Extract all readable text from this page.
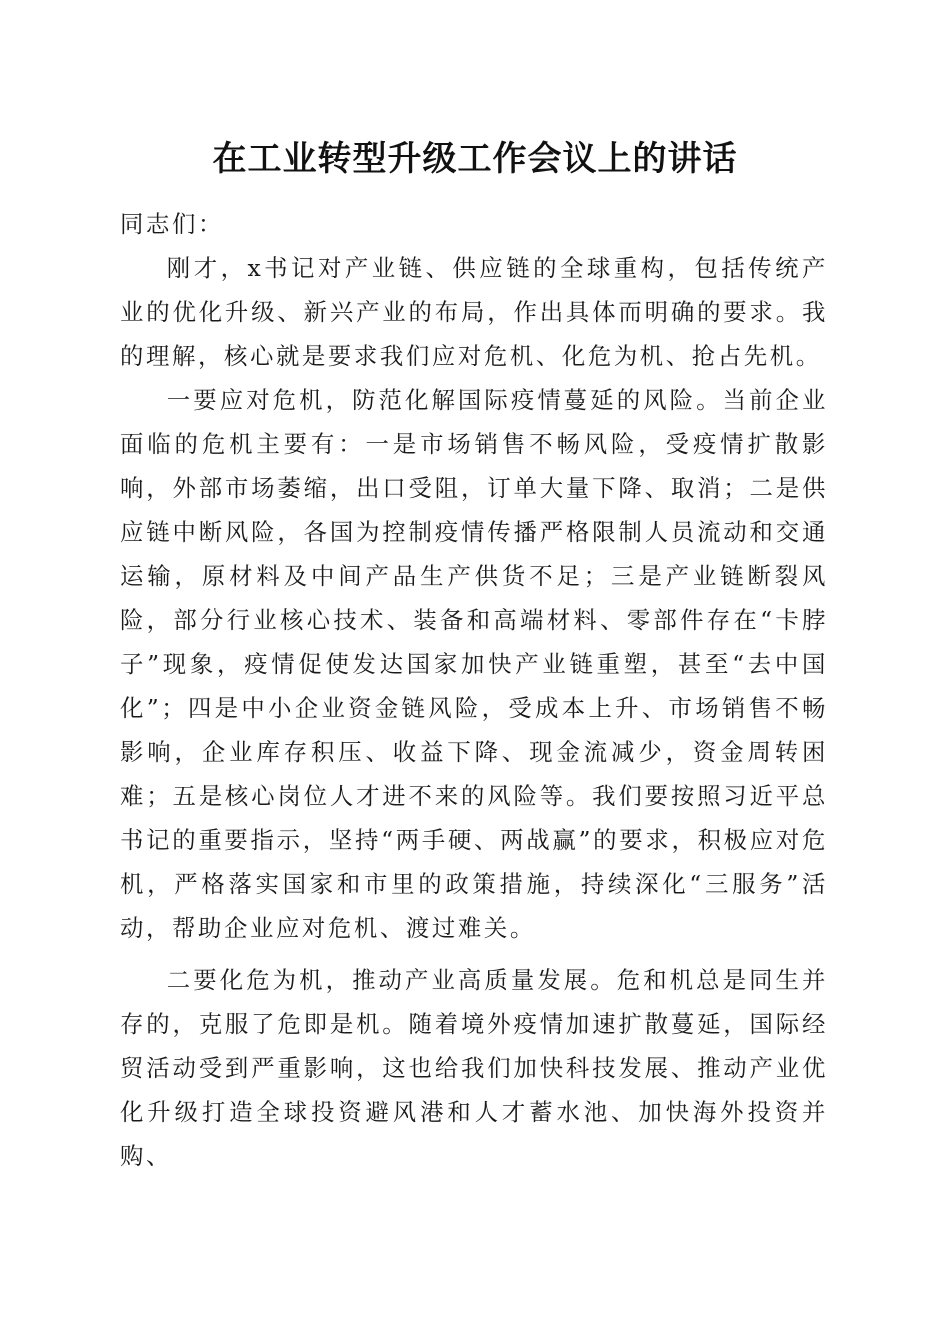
在工业转型升级工作会议上的讲话

同志们：

刚才，x书记对产业链、供应链的全球重构，包括传统产业的优化升级、新兴产业的布局，作出具体而明确的要求。我的理解，核心就是要求我们应对危机、化危为机、抢占先机。

一要应对危机，防范化解国际疫情蔓延的风险。当前企业面临的危机主要有：一是市场销售不畅风险，受疫情扩散影响，外部市场萎缩，出口受阻，订单大量下降、取消；二是供应链中断风险，各国为控制疫情传播严格限制人员流动和交通运输，原材料及中间产品生产供货不足；三是产业链断裂风险，部分行业核心技术、装备和高端材料、零部件存在“卡脖子”现象，疫情促使发达国家加快产业链重塑，甚至“去中国化”；四是中小企业资金链风险，受成本上升、市场销售不畅影响，企业库存积压、收益下降、现金流减少，资金周转困难；五是核心岗位人才进不来的风险等。我们要按照习近平总书记的重要指示，坚持“两手硬、两战赢”的要求，积极应对危机，严格落实国家和市里的政策措施，持续深化“三服务”活动，帮助企业应对危机、渡过难关。

二要化危为机，推动产业高质量发展。危和机总是同生并存的，克服了危即是机。随着境外疫情加速扩散蔓延，国际经贸活动受到严重影响，这也给我们加快科技发展、推动产业优化升级打造全球投资避风港和人才蓄水池、加快海外投资并购、
